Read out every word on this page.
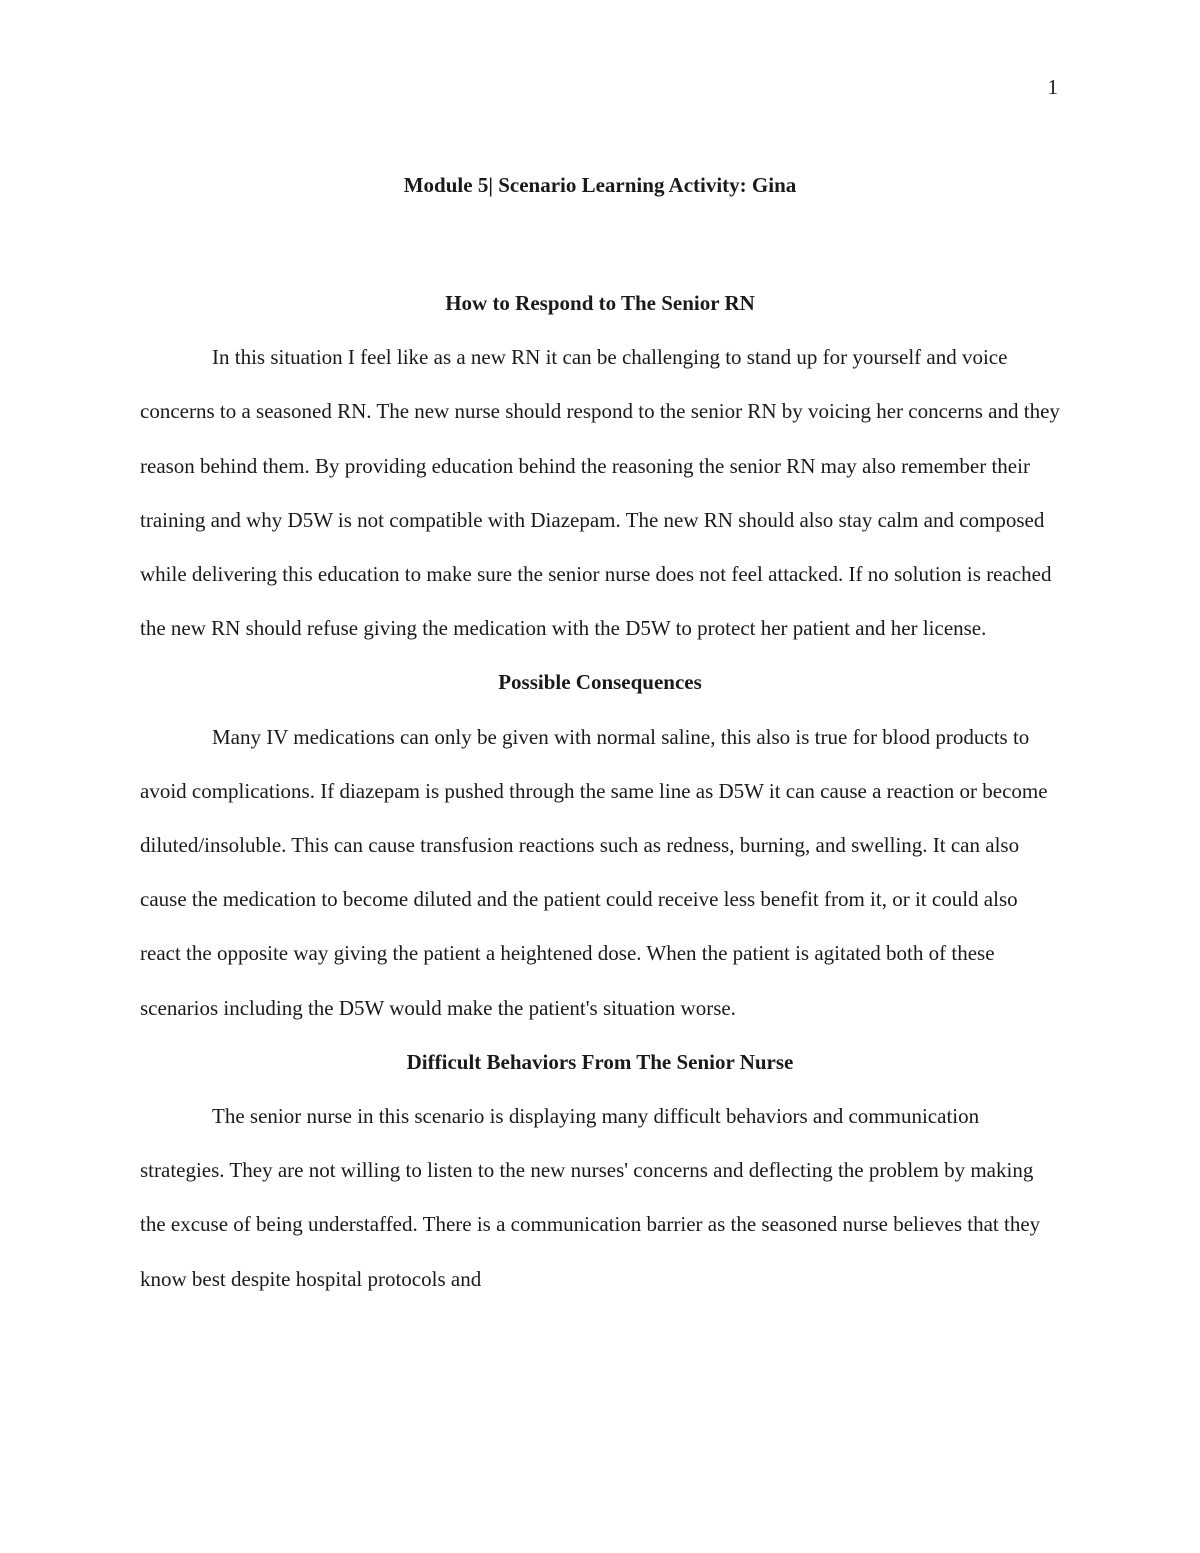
1
Module 5| Scenario Learning Activity: Gina
How to Respond to The Senior RN

In this situation I feel like as a new RN it can be challenging to stand up for yourself and voice concerns to a seasoned RN. The new nurse should respond to the senior RN by voicing her concerns and they reason behind them. By providing education behind the reasoning the senior RN may also remember their training and why D5W is not compatible with Diazepam. The new RN should also stay calm and composed while delivering this education to make sure the senior nurse does not feel attacked. If no solution is reached the new RN should refuse giving the medication with the D5W to protect her patient and her license.

Possible Consequences

Many IV medications can only be given with normal saline, this also is true for blood products to avoid complications. If diazepam is pushed through the same line as D5W it can cause a reaction or become diluted/insoluble. This can cause transfusion reactions such as redness, burning, and swelling. It can also cause the medication to become diluted and the patient could receive less benefit from it, or it could also react the opposite way giving the patient a heightened dose. When the patient is agitated both of these scenarios including the D5W would make the patient's situation worse.

Difficult Behaviors From The Senior Nurse

The senior nurse in this scenario is displaying many difficult behaviors and communication strategies. They are not willing to listen to the new nurses' concerns and deflecting the problem by making the excuse of being understaffed. There is a communication barrier as the seasoned nurse believes that they know best despite hospital protocols and
